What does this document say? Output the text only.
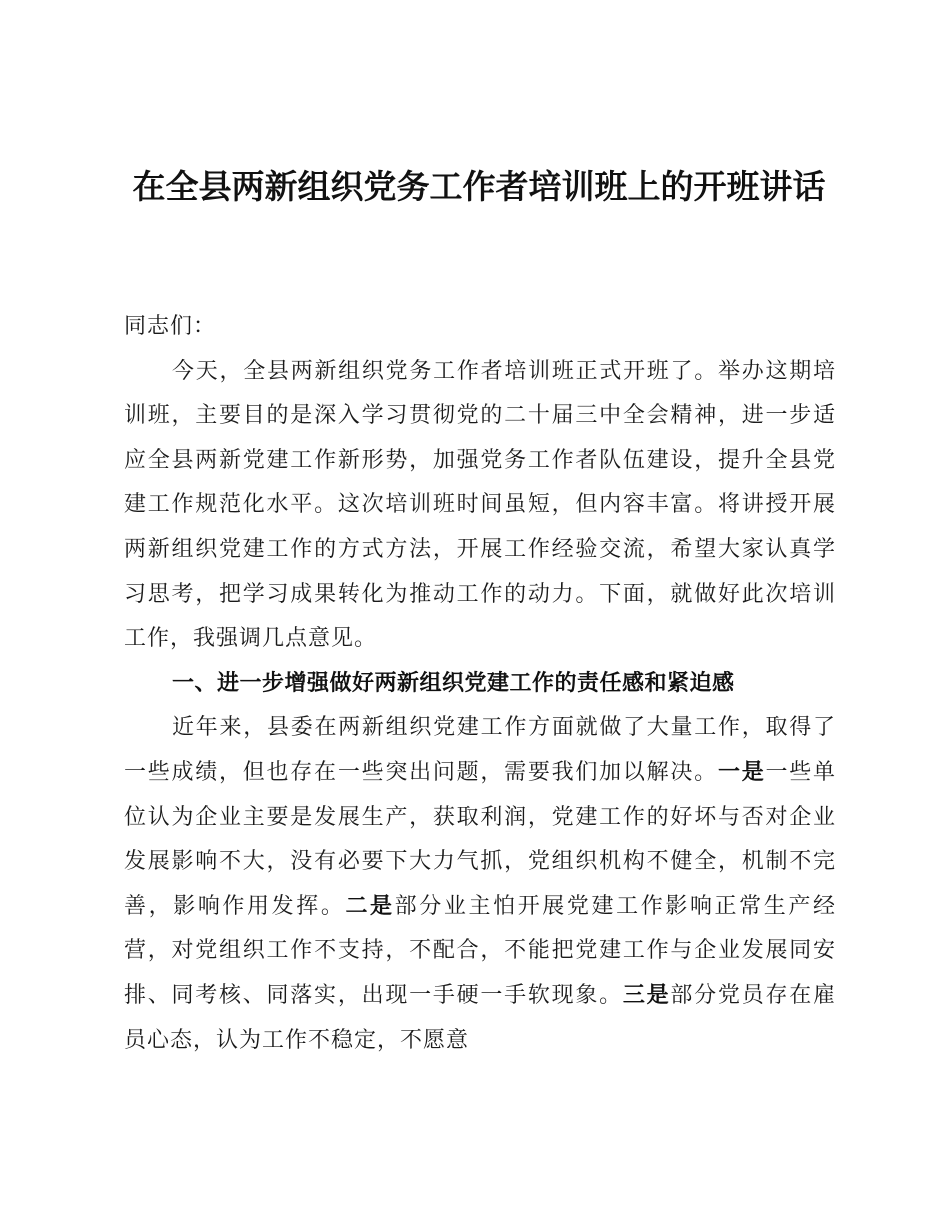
在全县两新组织党务工作者培训班上的开班讲话

同志们：

今天，全县两新组织党务工作者培训班正式开班了。举办这期培训班，主要目的是深入学习贯彻党的二十届三中全会精神，进一步适应全县两新党建工作新形势，加强党务工作者队伍建设，提升全县党建工作规范化水平。这次培训班时间虽短，但内容丰富。将讲授开展两新组织党建工作的方式方法，开展工作经验交流，希望大家认真学习思考，把学习成果转化为推动工作的动力。下面，就做好此次培训工作，我强调几点意见。

一、进一步增强做好两新组织党建工作的责任感和紧迫感

近年来，县委在两新组织党建工作方面就做了大量工作，取得了一些成绩，但也存在一些突出问题，需要我们加以解决。一是一些单位认为企业主要是发展生产，获取利润，党建工作的好坏与否对企业发展影响不大，没有必要下大力气抓，党组织机构不健全，机制不完善，影响作用发挥。二是部分业主怕开展党建工作影响正常生产经营，对党组织工作不支持，不配合，不能把党建工作与企业发展同安排、同考核、同落实，出现一手硬一手软现象。三是部分党员存在雇员心态，认为工作不稳定，不愿意
